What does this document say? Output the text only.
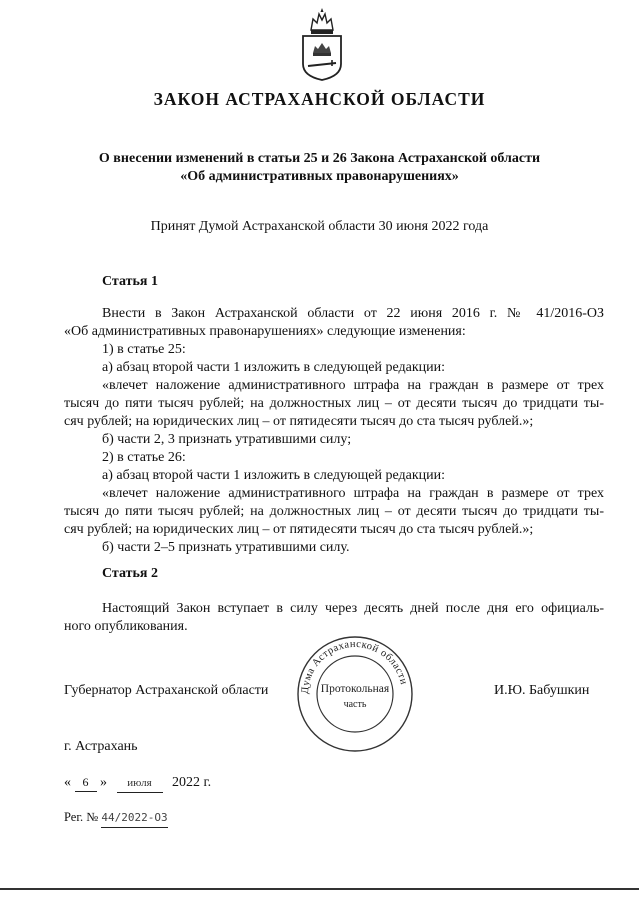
ЗАКОН АСТРАХАНСКОЙ ОБЛАСТИ
О внесении изменений в статьи 25 и 26 Закона Астраханской области
«Об административных правонарушениях»
Принят Думой Астраханской области 30 июня 2022 года
Статья 1
Внести в Закон Астраханской области от 22 июня 2016 г. № 41/2016-ОЗ
«Об административных правонарушениях» следующие изменения:
1) в статье 25:
а) абзац второй части 1 изложить в следующей редакции:
«влечет наложение административного штрафа на граждан в размере от трех
тысяч до пяти тысяч рублей; на должностных лиц – от десяти тысяч до тридцати ты-
сяч рублей; на юридических лиц – от пятидесяти тысяч до ста тысяч рублей.»;
б) части 2, 3 признать утратившими силу;
2) в статье 26:
а) абзац второй части 1 изложить в следующей редакции:
«влечет наложение административного штрафа на граждан в размере от трех
тысяч до пяти тысяч рублей; на должностных лиц – от десяти тысяч до тридцати ты-
сяч рублей; на юридических лиц – от пятидесяти тысяч до ста тысяч рублей.»;
б) части 2–5 признать утратившими силу.
Статья 2
Настоящий Закон вступает в силу через десять дней после дня его официаль-
ного опубликования.
Губернатор Астраханской области	И.Ю. Бабушкин
Дума Астраханской области
Протокольная
часть
г. Астрахань
« 6 » июля 2022 г.
Рег. № 44/2022-ОЗ
